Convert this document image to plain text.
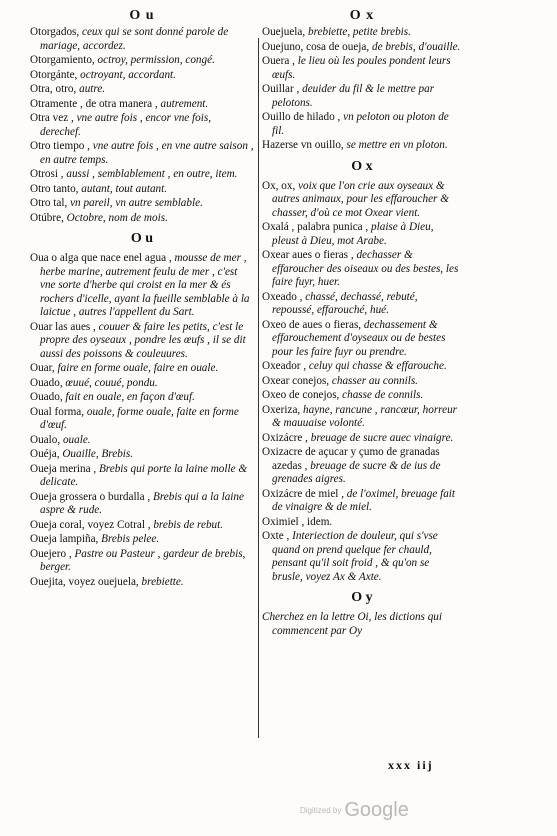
O u
Otorgados, ceux qui se sont donné parole de mariage, accordez.
Otorgamiento, octroy, permission, congé.
Otorgánte, octroyant, accordant.
Otra, otro, autre.
Otramente , de otra manera , autrement.
Otra vez , vne autre fois , encor vne fois, derechef.
Otro tiempo , vne autre fois , en vne autre saison , en autre temps.
Otrosi , aussi , semblablement , en outre, item.
Otro tanto, autant, tout autant.
Otro tal, vn pareil, vn autre semblable.
Otúbre, Octobre, nom de mois.
O u
Oua o alga que nace enel agua , mousse de mer , herbe marine, autrement feulu de mer , c'est vne sorte d'herbe qui croist en la mer & és rochers d'icelle, ayant la fueille semblable à la laictue , autres l'appellent du Sart.
Ouar las aues , couuer & faire les petits, c'est le propre des oyseaux , pondre les œufs , il se dit aussi des poissons & couleuures.
Ouar, faire en forme ouale, faire en ouale.
Ouado, œuué, couué, pondu.
Ouado, fait en ouale, en façon d'œuf.
Oual forma, ouale, forme ouale, faite en forme d'œuf.
Oualo, ouale.
Ouéja, Ouaille, Brebis.
Oueja merina , Brebis qui porte la laine molle & delicate.
Oueja grossera o burdalla , Brebis qui a la laine aspre & rude.
Oueja coral, voyez Cotral , brebis de rebut.
Oueja lampiña, Brebis pelee.
Ouejero , Pastre ou Pasteur , gardeur de brebis, berger.
Ouejita, voyez ouejuela, brebiette.
O x
Ouejuela, brebiette, petite brebis.
Ouejuno, cosa de oueja, de brebis, d'ouaille.
Ouera , le lieu où les poules pondent leurs œufs.
Ouillar , deuider du fil & le mettre par pelotons.
Ouillo de hilado , vn peloton ou ploton de fil.
Hazerse vn ouillo, se mettre en vn ploton.
O x
Ox, ox, voix que l'on crie aux oyseaux & autres animaux, pour les effaroucher & chasser, d'où ce mot Oxear vient.
Oxalá , palabra punica , plaise à Dieu, pleust à Dieu, mot Arabe.
Oxear aues o fieras , dechasser & effaroucher des oiseaux ou des bestes, les faire fuyr, huer.
Oxeado , chassé, dechassé, rebuté, repoussé, effarouché, hué.
Oxeo de aues o fieras, dechassement & effarouchement d'oyseaux ou de bestes pour les faire fuyr ou prendre.
Oxeador , celuy qui chasse & effarouche.
Oxear conejos, chasser au connils.
Oxeo de conejos, chasse de connils.
Oxeriza, hayne, rancune , rancœur, horreur & mauuaise volonté.
Oxizácre , breuage de sucre auec vinaigre.
Oxizacre de açucar y çumo de granadas azedas , breuage de sucre & de ius de grenades aigres.
Oxizácre de miel , de l'oximel, breuage fait de vinaigre & de miel.
Oximiel , idem.
Oxte , Interiection de douleur, qui s'vse quand on prend quelque fer chauld, pensant qu'il soit froid , & qu'on se brusle, voyez Ax & Axte.
O y
Cherchez en la lettre Oi, les dictions qui commencent par Oy
xxx iij
Digitized by Google
